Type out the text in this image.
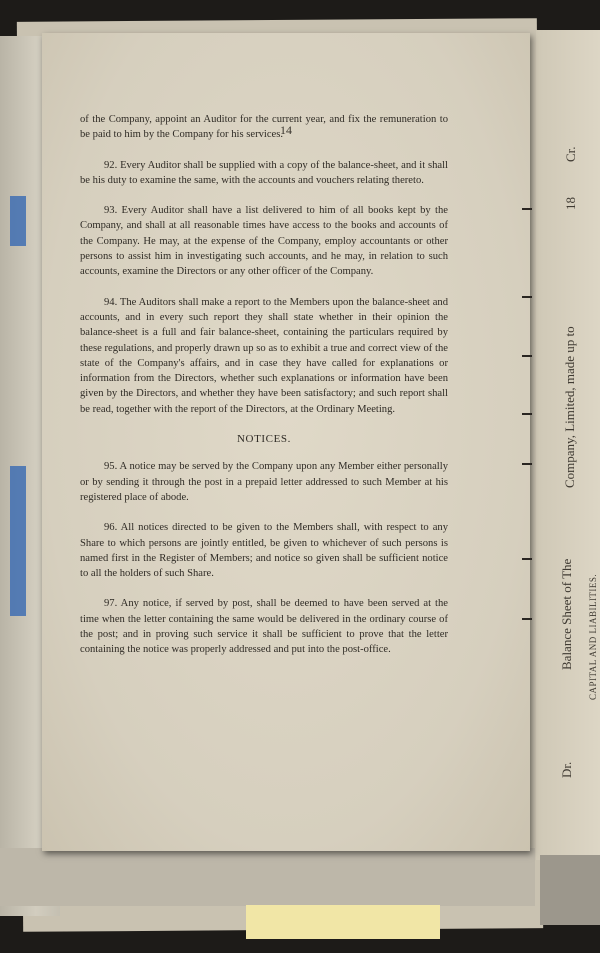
14

of the Company, appoint an Auditor for the current year, and fix the remuneration to be paid to him by the Company for his services.

92. Every Auditor shall be supplied with a copy of the balance-sheet, and it shall be his duty to examine the same, with the accounts and vouchers relating thereto.

93. Every Auditor shall have a list delivered to him of all books kept by the Company, and shall at all reasonable times have access to the books and accounts of the Company. He may, at the expense of the Company, employ accountants or other persons to assist him in investigating such accounts, and he may, in relation to such accounts, examine the Directors or any other officer of the Company.

94. The Auditors shall make a report to the Members upon the balance-sheet and accounts, and in every such report they shall state whether in their opinion the balance-sheet is a full and fair balance-sheet, containing the particulars required by these regulations, and properly drawn up so as to exhibit a true and correct view of the state of the Company's affairs, and in case they have called for explanations or information from the Directors, whether such explanations or information have been given by the Directors, and whether they have been satisfactory; and such report shall be read, together with the report of the Directors, at the Ordinary Meeting.

NOTICES.

95. A notice may be served by the Company upon any Member either personally or by sending it through the post in a prepaid letter addressed to such Member at his registered place of abode.

96. All notices directed to be given to the Members shall, with respect to any Share to which persons are jointly entitled, be given to whichever of such persons is named first in the Register of Members; and notice so given shall be sufficient notice to all the holders of such Share.

97. Any notice, if served by post, shall be deemed to have been served at the time when the letter containing the same would be delivered in the ordinary course of the post; and in proving such service it shall be sufficient to prove that the letter containing the notice was properly addressed and put into the post-office.

Dr.
Balance Sheet of The
Company, Limited, made up to
18
Cr.
CAPITAL AND LIABILITIES.
